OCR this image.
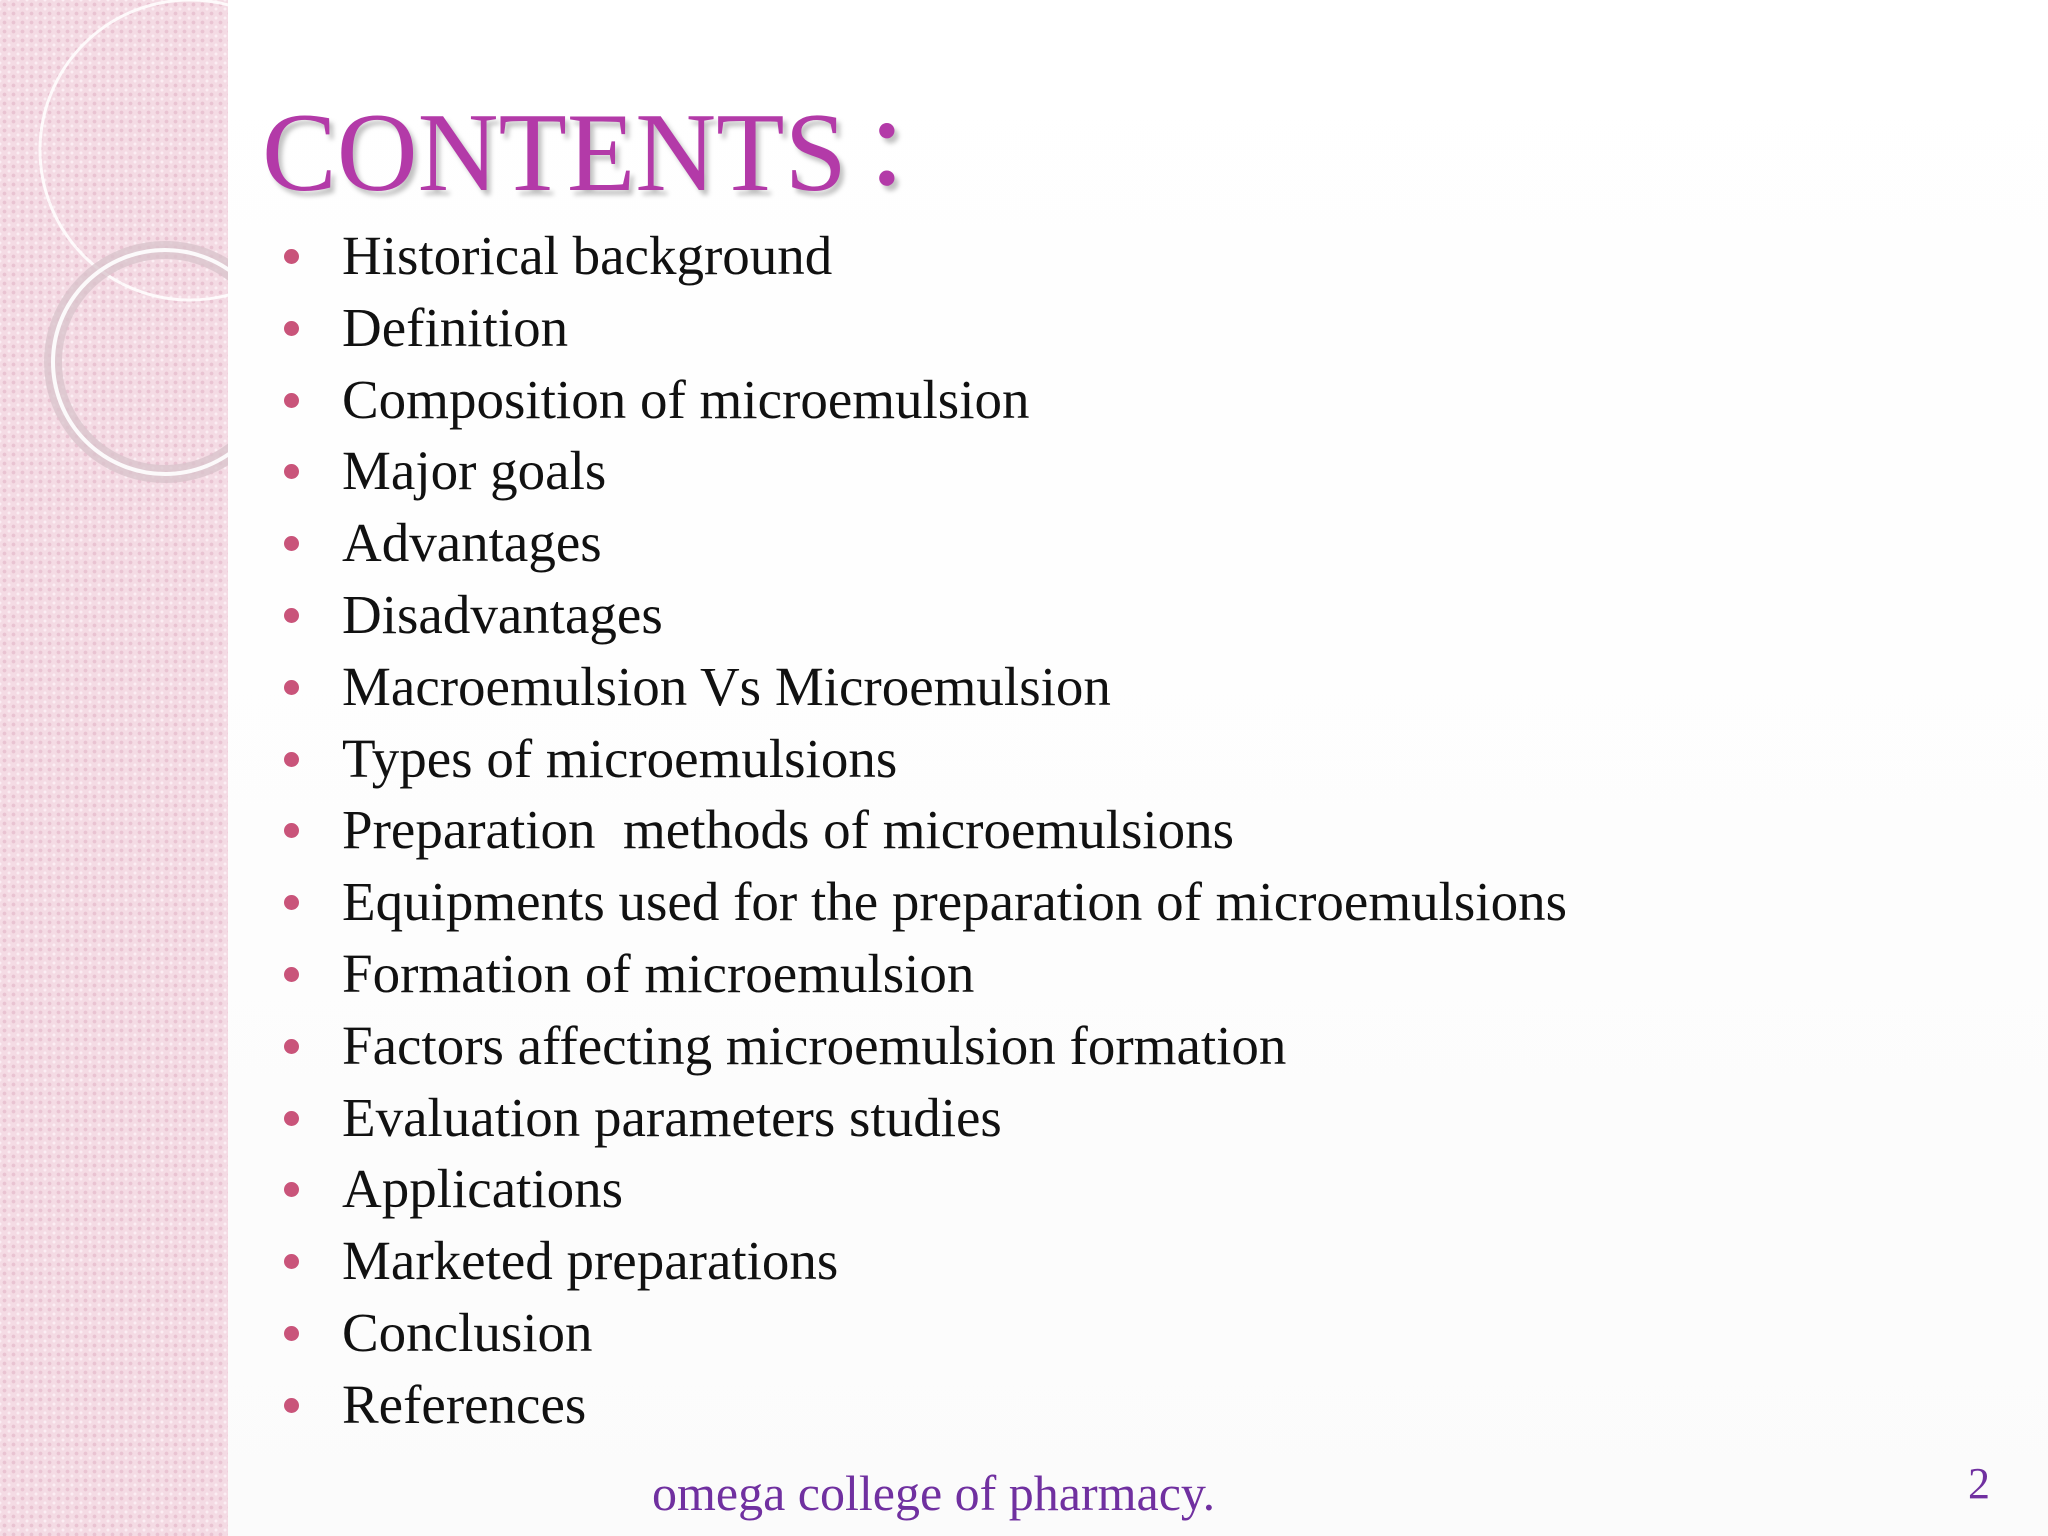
CONTENTS :
Historical background
Definition
Composition of microemulsion
Major goals
Advantages
Disadvantages
Macroemulsion Vs Microemulsion
Types of microemulsions
Preparation  methods of microemulsions
Equipments used for the preparation of microemulsions
Formation of microemulsion
Factors affecting microemulsion formation
Evaluation parameters studies
Applications
Marketed preparations
Conclusion
References
omega college of pharmacy.	2
